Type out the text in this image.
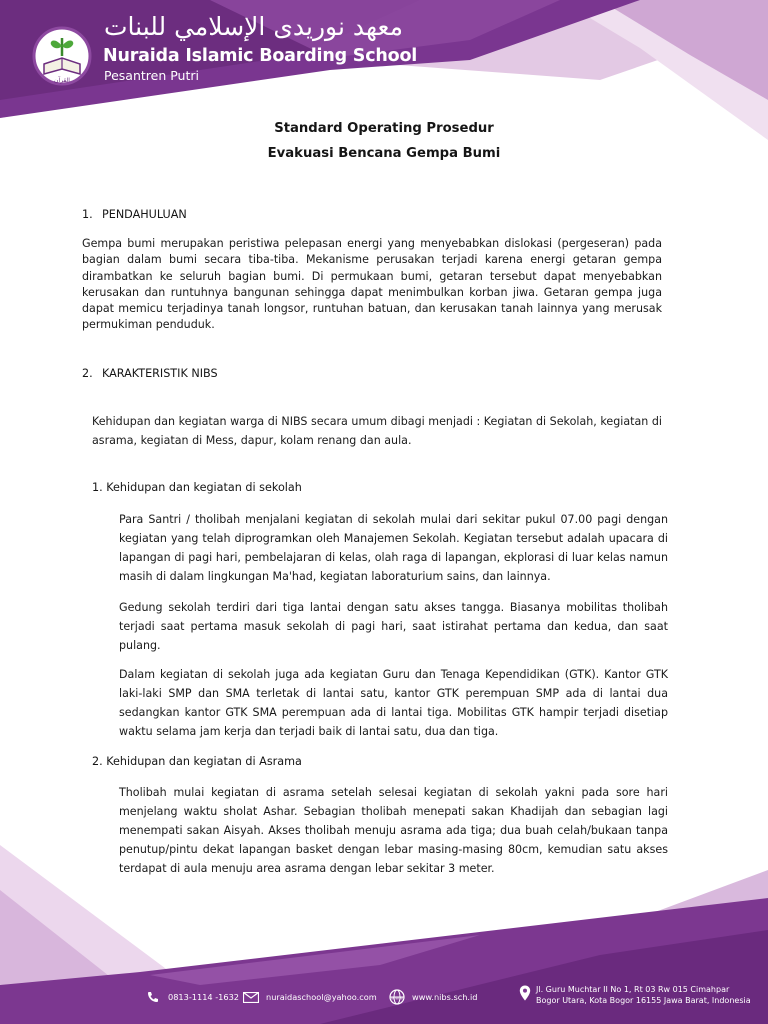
القرآن
معهد نوريدى الإسلامي للبنات
Nuraida Islamic Boarding School
Pesantren Putri
Standard Operating Prosedur
Evakuasi Bencana Gempa Bumi
1. PENDAHULUAN

Gempa bumi merupakan peristiwa pelepasan energi yang menyebabkan dislokasi (pergeseran) pada bagian dalam bumi secara tiba-tiba. Mekanisme perusakan terjadi karena energi getaran gempa dirambatkan ke seluruh bagian bumi. Di permukaan bumi, getaran tersebut dapat menyebabkan kerusakan dan runtuhnya bangunan sehingga dapat menimbulkan korban jiwa. Getaran gempa juga dapat memicu terjadinya tanah longsor, runtuhan batuan, dan kerusakan tanah lainnya yang merusak permukiman penduduk.

2. KARAKTERISTIK NIBS

Kehidupan dan kegiatan warga di NIBS secara umum dibagi menjadi : Kegiatan di Sekolah, kegiatan di asrama, kegiatan di Mess, dapur, kolam renang dan aula.

1. Kehidupan dan kegiatan di sekolah

Para Santri / tholibah menjalani kegiatan di sekolah mulai dari sekitar pukul 07.00 pagi dengan kegiatan yang telah diprogramkan oleh Manajemen Sekolah. Kegiatan tersebut adalah upacara di lapangan di pagi hari, pembelajaran di kelas, olah raga di lapangan, ekplorasi di luar kelas namun masih di dalam lingkungan Ma'had, kegiatan laboraturium sains, dan lainnya.

Gedung sekolah terdiri dari tiga lantai dengan satu akses tangga. Biasanya mobilitas tholibah terjadi saat pertama masuk sekolah di pagi hari, saat istirahat pertama dan kedua, dan saat pulang.

Dalam kegiatan di sekolah juga ada kegiatan Guru dan Tenaga Kependidikan (GTK). Kantor GTK laki-laki SMP dan SMA terletak di lantai satu, kantor GTK perempuan SMP ada di lantai dua sedangkan kantor GTK SMA perempuan ada di lantai tiga. Mobilitas GTK hampir terjadi disetiap waktu selama jam kerja dan terjadi baik di lantai satu, dua dan tiga.

2. Kehidupan dan kegiatan di Asrama

Tholibah mulai kegiatan di asrama setelah selesai kegiatan di sekolah yakni pada sore hari menjelang waktu sholat Ashar. Sebagian tholibah menepati sakan Khadijah dan sebagian lagi menempati sakan Aisyah. Akses tholibah menuju asrama ada tiga; dua buah celah/bukaan tanpa penutup/pintu dekat lapangan basket dengan lebar masing-masing 80cm, kemudian satu akses terdapat di aula menuju area asrama dengan lebar sekitar 3 meter.

0813-1114 -1632	nuraidaschool@yahoo.com	www www.nibs.sch.id
Jl. Guru Muchtar II No 1, Rt 03 Rw 015 Cimahpar
Bogor Utara, Kota Bogor 16155 Jawa Barat, Indonesia
